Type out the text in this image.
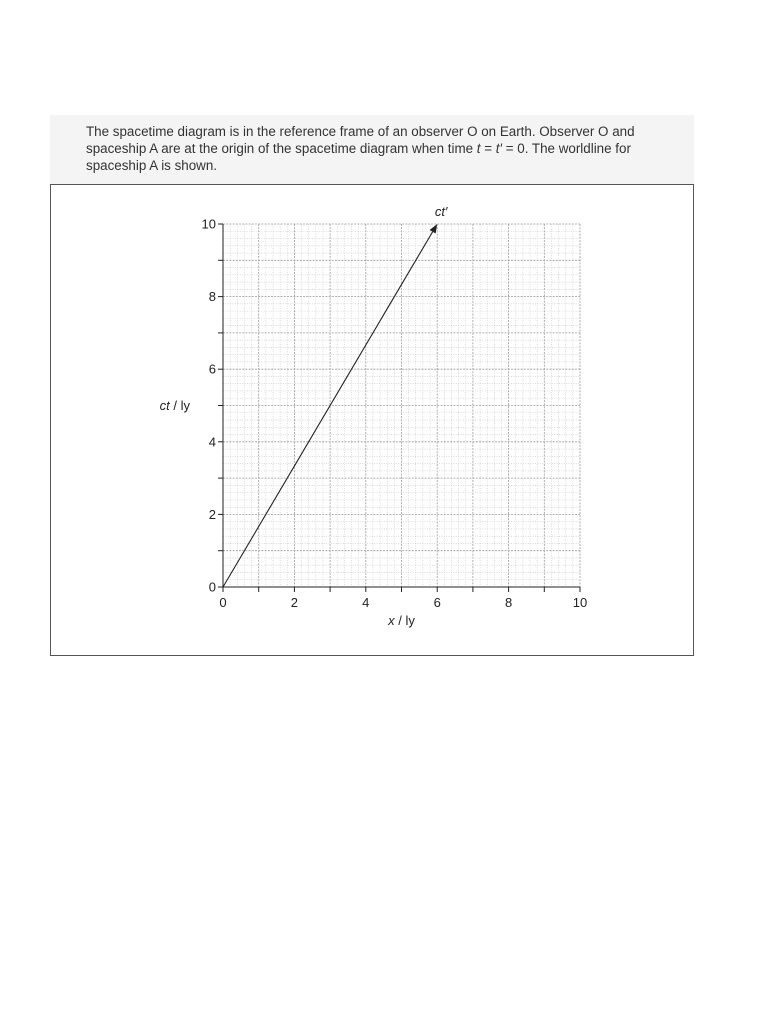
The spacetime diagram is in the reference frame of an observer O on Earth. Observer O and

spaceship A are at the origin of the spacetime diagram when time t = t′ = 0. The worldline for

spaceship A is shown.

0	2	4	6	8	10
0
2
4
6
8
10
ct′
ct / ly
x / ly
